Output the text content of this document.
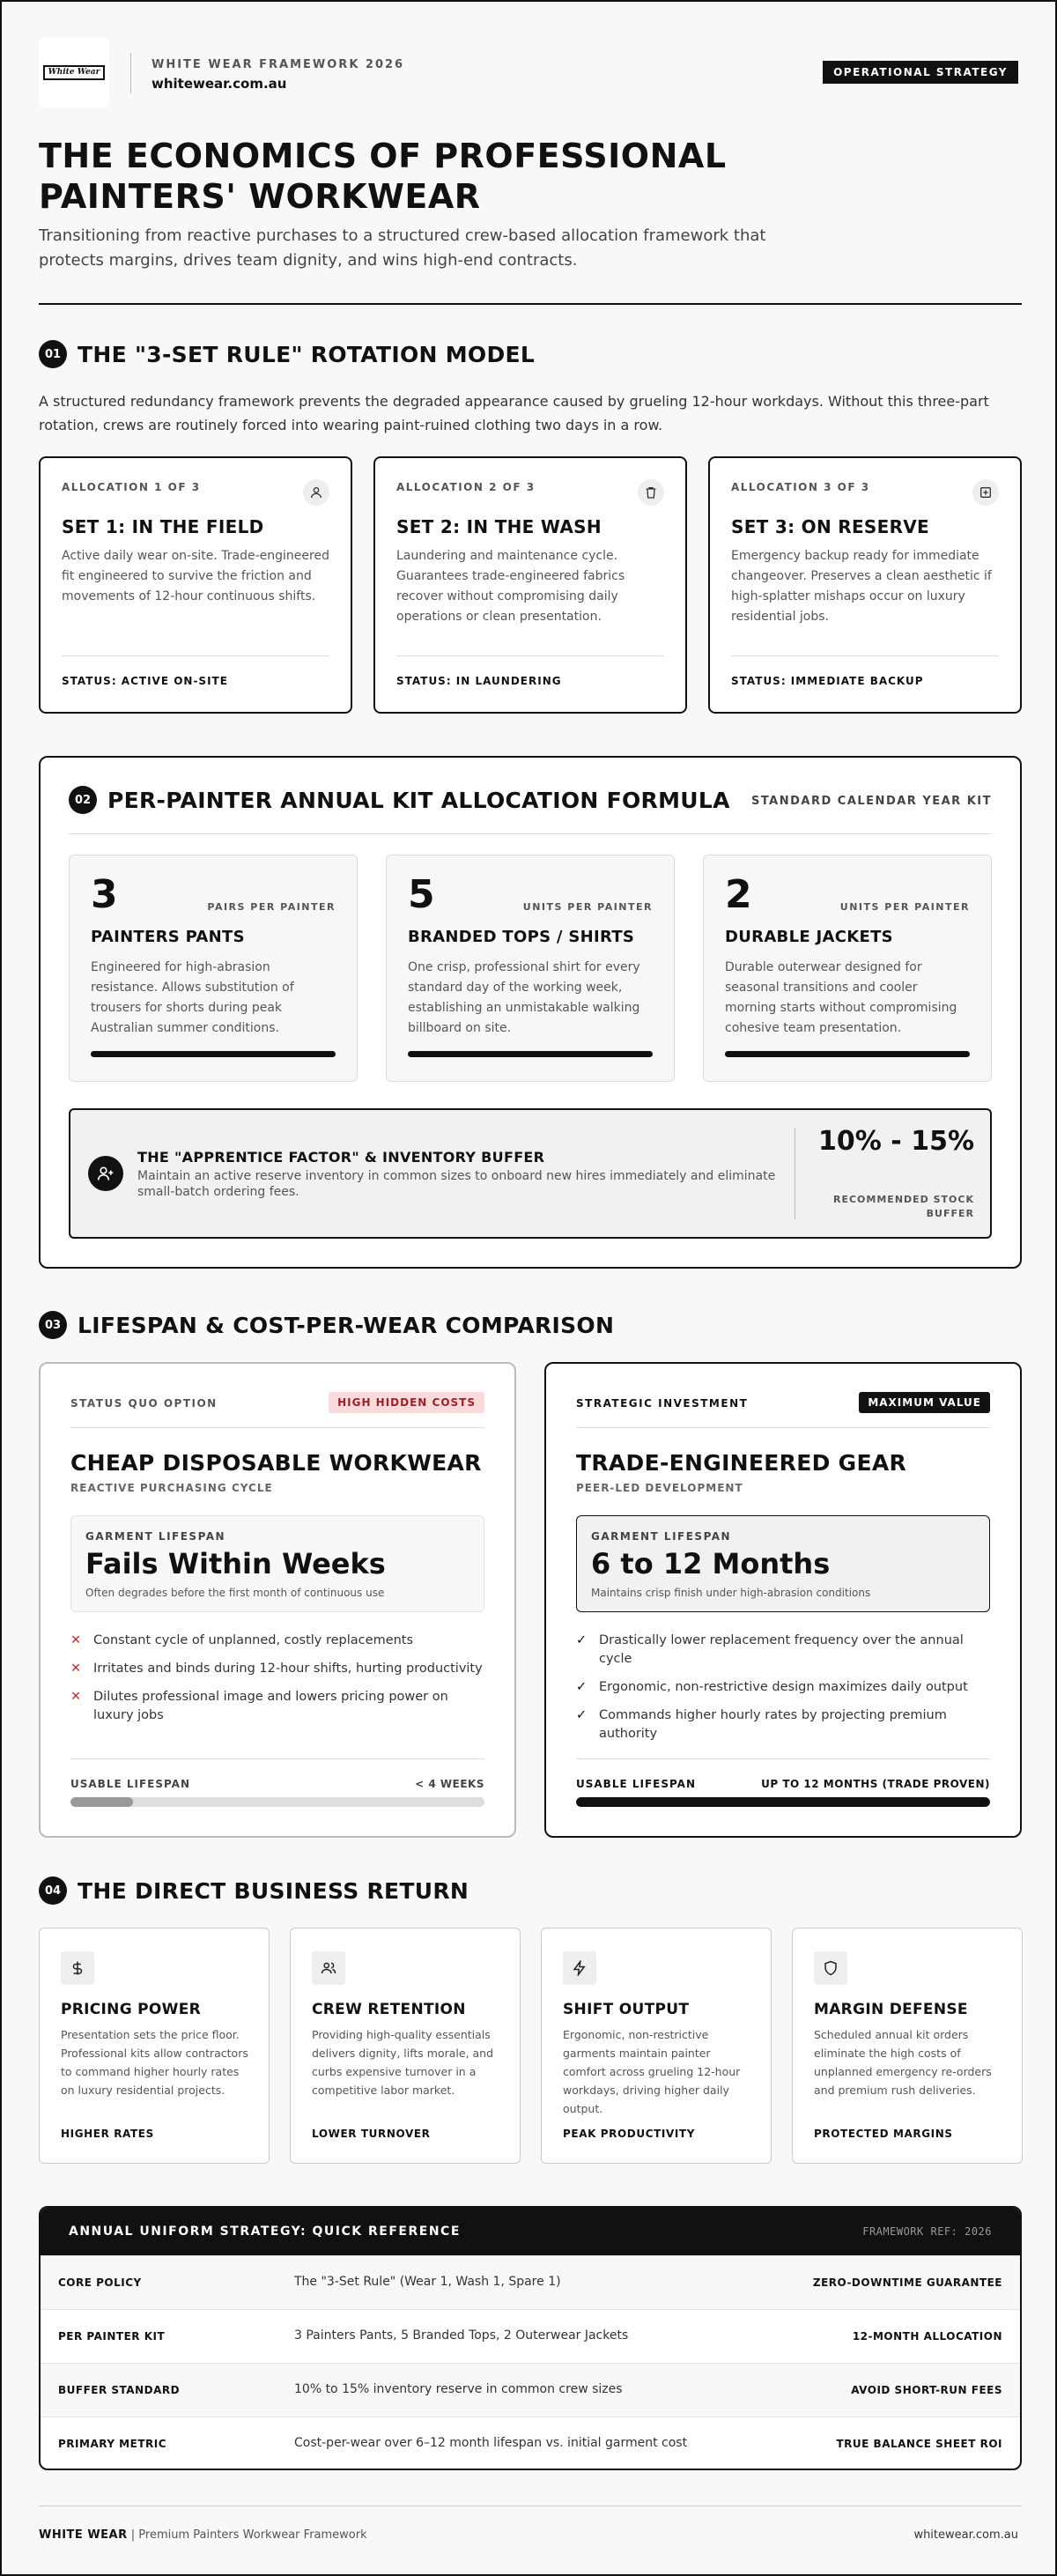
White Wear
WHITE WEAR FRAMEWORK 2026
whitewear.com.au
OPERATIONAL STRATEGY
THE ECONOMICS OF PROFESSIONAL PAINTERS' WORKWEAR

Transitioning from reactive purchases to a structured crew-based allocation framework that protects margins, drives team dignity, and wins high-end contracts.

01 THE "3-SET RULE" ROTATION MODEL

A structured redundancy framework prevents the degraded appearance caused by grueling 12-hour workdays. Without this three-part rotation, crews are routinely forced into wearing paint-ruined clothing two days in a row.

ALLOCATION 1 OF 3
SET 1: IN THE FIELD
Active daily wear on-site. Trade-engineered fit engineered to survive the friction and movements of 12-hour continuous shifts.
STATUS: ACTIVE ON-SITE
ALLOCATION 2 OF 3
SET 2: IN THE WASH
Laundering and maintenance cycle. Guarantees trade-engineered fabrics recover without compromising daily operations or clean presentation.
STATUS: IN LAUNDERING
ALLOCATION 3 OF 3
SET 3: ON RESERVE
Emergency backup ready for immediate changeover. Preserves a clean aesthetic if high-splatter mishaps occur on luxury residential jobs.
STATUS: IMMEDIATE BACKUP
02 PER-PAINTER ANNUAL KIT ALLOCATION FORMULA STANDARD CALENDAR YEAR KIT
3	PAIRS PER PAINTER
PAINTERS PANTS
Engineered for high-abrasion resistance. Allows substitution of trousers for shorts during peak Australian summer conditions.
5	UNITS PER PAINTER
BRANDED TOPS / SHIRTS
One crisp, professional shirt for every standard day of the working week, establishing an unmistakable walking billboard on site.
2	UNITS PER PAINTER
DURABLE JACKETS
Durable outerwear designed for seasonal transitions and cooler morning starts without compromising cohesive team presentation.
THE "APPRENTICE FACTOR" & INVENTORY BUFFER
Maintain an active reserve inventory in common sizes to onboard new hires immediately and eliminate small-batch ordering fees.
10% - 15%
RECOMMENDED STOCK BUFFER
03 LIFESPAN & COST-PER-WEAR COMPARISON
STATUS QUO OPTION	HIGH HIDDEN COSTS
CHEAP DISPOSABLE WORKWEAR
REACTIVE PURCHASING CYCLE
GARMENT LIFESPAN
Fails Within Weeks
Often degrades before the first month of continuous use
✕ Constant cycle of unplanned, costly replacements
✕ Irritates and binds during 12-hour shifts, hurting productivity
✕ Dilutes professional image and lowers pricing power on luxury jobs
USABLE LIFESPAN	< 4 WEEKS
STRATEGIC INVESTMENT	MAXIMUM VALUE
TRADE-ENGINEERED GEAR
PEER-LED DEVELOPMENT
GARMENT LIFESPAN
6 to 12 Months
Maintains crisp finish under high-abrasion conditions
✓ Drastically lower replacement frequency over the annual cycle
✓ Ergonomic, non-restrictive design maximizes daily output
✓ Commands higher hourly rates by projecting premium authority
USABLE LIFESPAN	UP TO 12 MONTHS (TRADE PROVEN)
04 THE DIRECT BUSINESS RETURN
PRICING POWER
Presentation sets the price floor. Professional kits allow contractors to command higher hourly rates on luxury residential projects.
HIGHER RATES
CREW RETENTION
Providing high-quality essentials delivers dignity, lifts morale, and curbs expensive turnover in a competitive labor market.
LOWER TURNOVER
SHIFT OUTPUT
Ergonomic, non-restrictive garments maintain painter comfort across grueling 12-hour workdays, driving higher daily output.
PEAK PRODUCTIVITY
MARGIN DEFENSE
Scheduled annual kit orders eliminate the high costs of unplanned emergency re-orders and premium rush deliveries.
PROTECTED MARGINS
ANNUAL UNIFORM STRATEGY: QUICK REFERENCE	FRAMEWORK REF: 2026
CORE POLICY	The "3-Set Rule" (Wear 1, Wash 1, Spare 1)	ZERO-DOWNTIME GUARANTEE
PER PAINTER KIT	3 Painters Pants, 5 Branded Tops, 2 Outerwear Jackets	12-MONTH ALLOCATION
BUFFER STANDARD	10% to 15% inventory reserve in common crew sizes	AVOID SHORT-RUN FEES
PRIMARY METRIC	Cost-per-wear over 6–12 month lifespan vs. initial garment cost	TRUE BALANCE SHEET ROI
WHITE WEAR | Premium Painters Workwear Framework	whitewear.com.au
